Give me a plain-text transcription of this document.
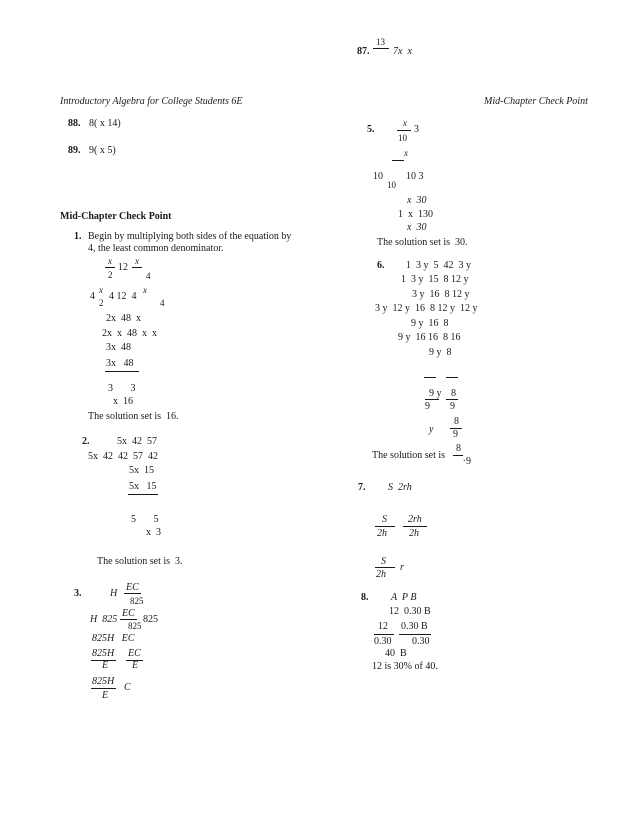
87.
13
7x  x
Introductory Algebra for College Students 6E	Mid-Chapter Check Point
88. 8( x 14)
89. 9( x 5)
Mid-Chapter Check Point
1. Begin by multiplying both sides of the equation by
4, the least common denominator.
x
12
x
2	4
4
x
4 12  4
x
2	4
2x  48  x
2x  x  48  x  x
3x  48
3x   48
3       3
x  16
The solution set is  16.
2.	5x  42  57
5x  42  42  57  42
5x  15
5x   15
5       5
x  3
The solution set is  3.
3.	H
EC
825
H  825
EC
825
825
825H   EC
825H EC
E E
825H
C
E
5.
x
3
10
x
10 10 3
10
x  30
1  x  130
x  30
The solution set is  30.
6. 1  3 y  5  42  3 y
1  3 y  15  8 12 y
3 y  16  8 12 y
3 y  12 y  16  8 12 y  12 y
9 y  16  8
9 y  16 16  8 16
9 y  8
9 y 8
9 9
y
8
9
The solution set is
8
. 9
7. S  2rh
S 2rh
2h 2h
S
r
2h
8. A  P B
12  0.30 B
12 0.30 B
0.30 0.30
40  B
12 is 30% of 40.
